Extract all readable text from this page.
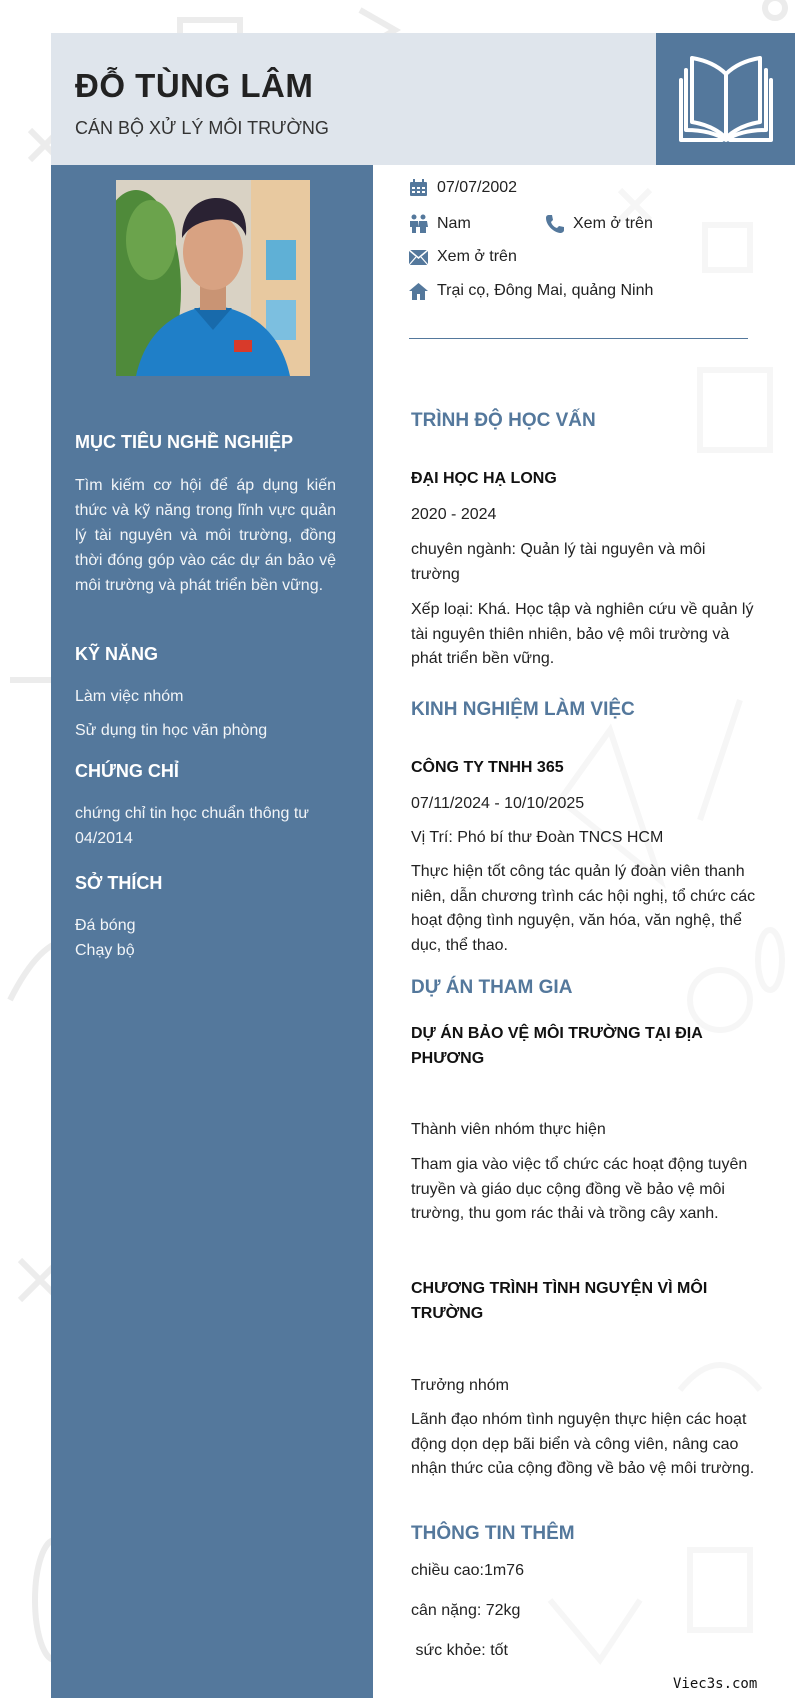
ĐỖ TÙNG LÂM
CÁN BỘ XỬ LÝ MÔI TRƯỜNG
MỤC TIÊU NGHỀ NGHIỆP
Tìm kiếm cơ hội để áp dụng kiến thức và kỹ năng trong lĩnh vực quản lý tài nguyên và môi trường, đồng thời đóng góp vào các dự án bảo vệ môi trường và phát triển bền vững.
KỸ NĂNG
Làm việc nhóm
Sử dụng tin học văn phòng
CHỨNG CHỈ
chứng chỉ tin học chuẩn thông tư 04/2014
SỞ THÍCH
Đá bóng
Chạy bộ
07/07/2002
Nam	Xem ở trên
Xem ở trên
Trại cọ, Đông Mai, quảng Ninh
TRÌNH ĐỘ HỌC VẤN
ĐẠI HỌC HẠ LONG
2020 - 2024
chuyên ngành: Quản lý tài nguyên và môi trường
Xếp loại: Khá. Học tập và nghiên cứu về quản lý tài nguyên thiên nhiên, bảo vệ môi trường và phát triển bền vững.
KINH NGHIỆM LÀM VIỆC
CÔNG TY TNHH 365
07/11/2024 - 10/10/2025
Vị Trí: Phó bí thư Đoàn TNCS HCM
Thực hiện tốt công tác quản lý đoàn viên thanh niên, dẫn chương trình các hội nghị, tổ chức các hoạt động tình nguyện, văn hóa, văn nghệ, thể dục, thể thao.
DỰ ÁN THAM GIA
DỰ ÁN BẢO VỆ MÔI TRƯỜNG TẠI ĐỊA PHƯƠNG
Thành viên nhóm thực hiện
Tham gia vào việc tổ chức các hoạt động tuyên truyền và giáo dục cộng đồng về bảo vệ môi trường, thu gom rác thải và trồng cây xanh.
CHƯƠNG TRÌNH TÌNH NGUYỆN VÌ MÔI TRƯỜNG
Trưởng nhóm
Lãnh đạo nhóm tình nguyện thực hiện các hoạt động dọn dẹp bãi biển và công viên, nâng cao nhận thức của cộng đồng về bảo vệ môi trường.
THÔNG TIN THÊM
chiều cao:1m76
cân nặng: 72kg
sức khỏe: tốt
Viec3s.com
